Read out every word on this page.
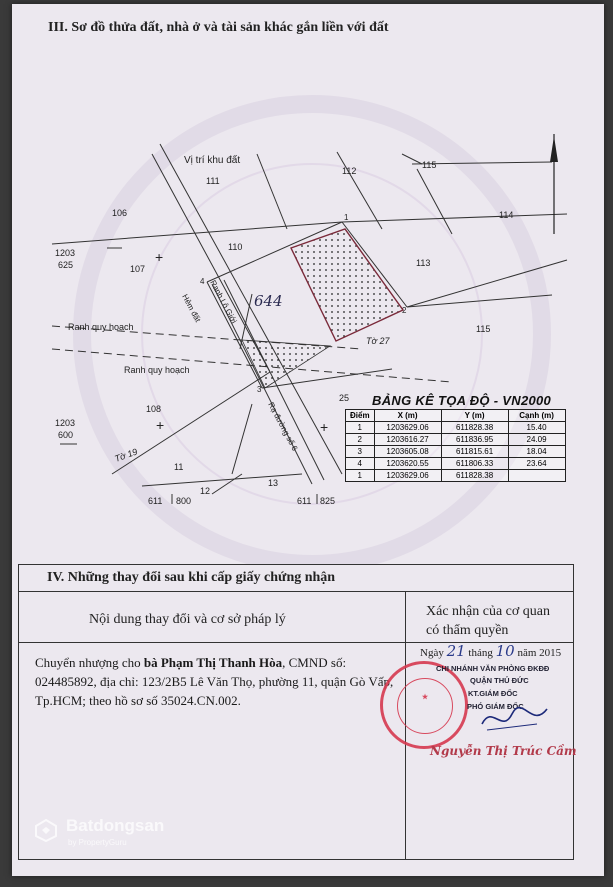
III. Sơ đồ thửa đất, nhà ở và tài sản khác gắn liền với đất
Vị trí khu đất
111
112
115
114
113
106
107
110
115
108
11
12
13
25
644
1203
625
1203
600
611 800	611 825
Ranh quy hoạch
Ranh quy hoạch
Tờ 27
Tờ 19
Hẻm đất Ranh Lô Giới
Rạ đường số 6
1
2
3
4
+
+
+
BẢNG KÊ TỌA ĐỘ - VN2000
Điểm	X (m)	Y (m)	Cạnh (m)
1	1203629.06	611828.38	15.40
2	1203616.27	611836.95	24.09
3	1203605.08	611815.61	18.04
4	1203620.55	611806.33	23.64
1	1203629.06	611828.38	
IV. Những thay đổi sau khi cấp giấy chứng nhận
Nội dung thay đổi và cơ sở pháp lý
Xác nhận của cơ quan có thẩm quyền
Chuyển nhượng cho bà Phạm Thị Thanh Hòa, CMND số: 024485892, địa chỉ: 123/2B5 Lê Văn Thọ, phường 11, quận Gò Vấp, Tp.HCM; theo hồ sơ số 35024.CN.002.
Ngày 21 tháng 10 năm 2015
★
CHI NHÁNH VĂN PHÒNG ĐKĐĐ
QUẬN THỦ ĐỨC
KT.GIÁM ĐỐC
PHÓ GIÁM ĐỐC
Nguyễn Thị Trúc Cầm
Batdongsan
by PropertyGuru
